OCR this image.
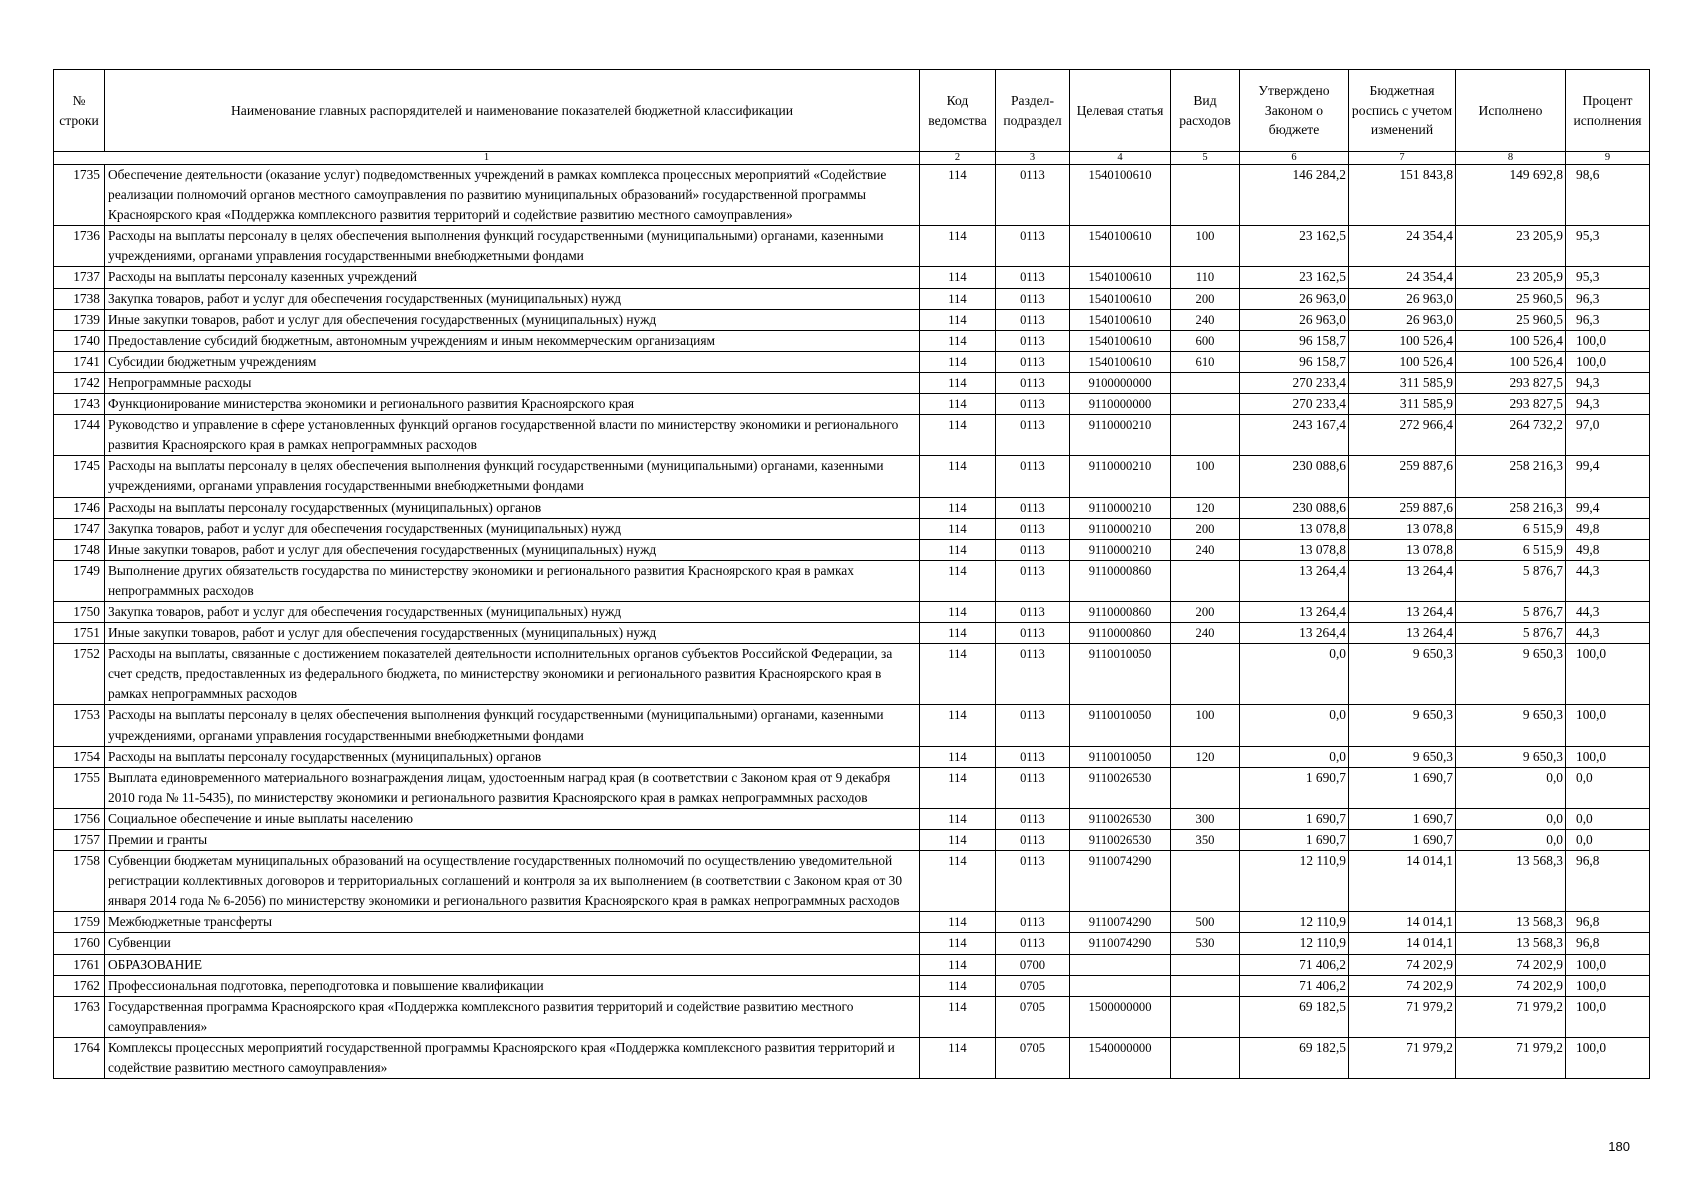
№ строки	Наименование главных распорядителей и наименование показателей бюджетной классификации	Код ведомства	Раздел-подраздел	Целевая статья	Вид расходов	Утверждено Законом о бюджете	Бюджетная роспись с учетом изменений	Исполнено	Процент исполнения
1		2	3	4	5	6	7	8	9
1735	Обеспечение деятельности (оказание услуг) подведомственных учреждений в рамках комплекса процессных мероприятий «Содействие реализации полномочий органов местного самоуправления по развитию муниципальных образований» государственной программы Красноярского края «Поддержка комплексного развития территорий и содействие развитию местного самоуправления»	114	0113	1540100610		146 284,2	151 843,8	149 692,8	98,6
1736	Расходы на выплаты персоналу в целях обеспечения выполнения функций государственными (муниципальными) органами, казенными учреждениями, органами управления государственными внебюджетными фондами	114	0113	1540100610	100	23 162,5	24 354,4	23 205,9	95,3
1737	Расходы на выплаты персоналу казенных учреждений	114	0113	1540100610	110	23 162,5	24 354,4	23 205,9	95,3
1738	Закупка товаров, работ и услуг для обеспечения государственных (муниципальных) нужд	114	0113	1540100610	200	26 963,0	26 963,0	25 960,5	96,3
1739	Иные закупки товаров, работ и услуг для обеспечения государственных (муниципальных) нужд	114	0113	1540100610	240	26 963,0	26 963,0	25 960,5	96,3
1740	Предоставление субсидий бюджетным, автономным учреждениям и иным некоммерческим организациям	114	0113	1540100610	600	96 158,7	100 526,4	100 526,4	100,0
1741	Субсидии бюджетным учреждениям	114	0113	1540100610	610	96 158,7	100 526,4	100 526,4	100,0
1742	Непрограммные расходы	114	0113	9100000000		270 233,4	311 585,9	293 827,5	94,3
1743	Функционирование министерства экономики и регионального развития Красноярского края	114	0113	9110000000		270 233,4	311 585,9	293 827,5	94,3
1744	Руководство и управление в сфере установленных функций органов государственной власти по министерству экономики и регионального развития Красноярского края в рамках непрограммных расходов	114	0113	9110000210		243 167,4	272 966,4	264 732,2	97,0
1745	Расходы на выплаты персоналу в целях обеспечения выполнения функций государственными (муниципальными) органами, казенными учреждениями, органами управления государственными внебюджетными фондами	114	0113	9110000210	100	230 088,6	259 887,6	258 216,3	99,4
1746	Расходы на выплаты персоналу государственных (муниципальных) органов	114	0113	9110000210	120	230 088,6	259 887,6	258 216,3	99,4
1747	Закупка товаров, работ и услуг для обеспечения государственных (муниципальных) нужд	114	0113	9110000210	200	13 078,8	13 078,8	6 515,9	49,8
1748	Иные закупки товаров, работ и услуг для обеспечения государственных (муниципальных) нужд	114	0113	9110000210	240	13 078,8	13 078,8	6 515,9	49,8
1749	Выполнение других обязательств государства по министерству экономики и регионального развития Красноярского края в рамках непрограммных расходов	114	0113	9110000860		13 264,4	13 264,4	5 876,7	44,3
1750	Закупка товаров, работ и услуг для обеспечения государственных (муниципальных) нужд	114	0113	9110000860	200	13 264,4	13 264,4	5 876,7	44,3
1751	Иные закупки товаров, работ и услуг для обеспечения государственных (муниципальных) нужд	114	0113	9110000860	240	13 264,4	13 264,4	5 876,7	44,3
1752	Расходы на выплаты, связанные с достижением показателей деятельности исполнительных органов субъектов Российской Федерации, за счет средств, предоставленных из федерального бюджета, по министерству экономики и регионального развития Красноярского края в рамках непрограммных расходов	114	0113	9110010050		0,0	9 650,3	9 650,3	100,0
1753	Расходы на выплаты персоналу в целях обеспечения выполнения функций государственными (муниципальными) органами, казенными учреждениями, органами управления государственными внебюджетными фондами	114	0113	9110010050	100	0,0	9 650,3	9 650,3	100,0
1754	Расходы на выплаты персоналу государственных (муниципальных) органов	114	0113	9110010050	120	0,0	9 650,3	9 650,3	100,0
1755	Выплата единовременного материального вознаграждения лицам, удостоенным наград края (в соответствии с Законом края от 9 декабря 2010 года № 11-5435), по министерству экономики и регионального развития Красноярского края в рамках непрограммных расходов	114	0113	9110026530		1 690,7	1 690,7	0,0	0,0
1756	Социальное обеспечение и иные выплаты населению	114	0113	9110026530	300	1 690,7	1 690,7	0,0	0,0
1757	Премии и гранты	114	0113	9110026530	350	1 690,7	1 690,7	0,0	0,0
1758	Субвенции бюджетам муниципальных образований на осуществление государственных полномочий по осуществлению уведомительной регистрации коллективных договоров и территориальных соглашений и контроля за их выполнением (в соответствии с Законом края от 30 января 2014 года № 6-2056) по министерству экономики и регионального развития Красноярского края в рамках непрограммных расходов	114	0113	9110074290		12 110,9	14 014,1	13 568,3	96,8
1759	Межбюджетные трансферты	114	0113	9110074290	500	12 110,9	14 014,1	13 568,3	96,8
1760	Субвенции	114	0113	9110074290	530	12 110,9	14 014,1	13 568,3	96,8
1761	ОБРАЗОВАНИЕ	114	0700			71 406,2	74 202,9	74 202,9	100,0
1762	Профессиональная подготовка, переподготовка и повышение квалификации	114	0705			71 406,2	74 202,9	74 202,9	100,0
1763	Государственная программа Красноярского края «Поддержка комплексного развития территорий и содействие развитию местного самоуправления»	114	0705	1500000000		69 182,5	71 979,2	71 979,2	100,0
1764	Комплексы процессных мероприятий государственной программы Красноярского края «Поддержка комплексного развития территорий и содействие развитию местного самоуправления»	114	0705	1540000000		69 182,5	71 979,2	71 979,2	100,0
180
